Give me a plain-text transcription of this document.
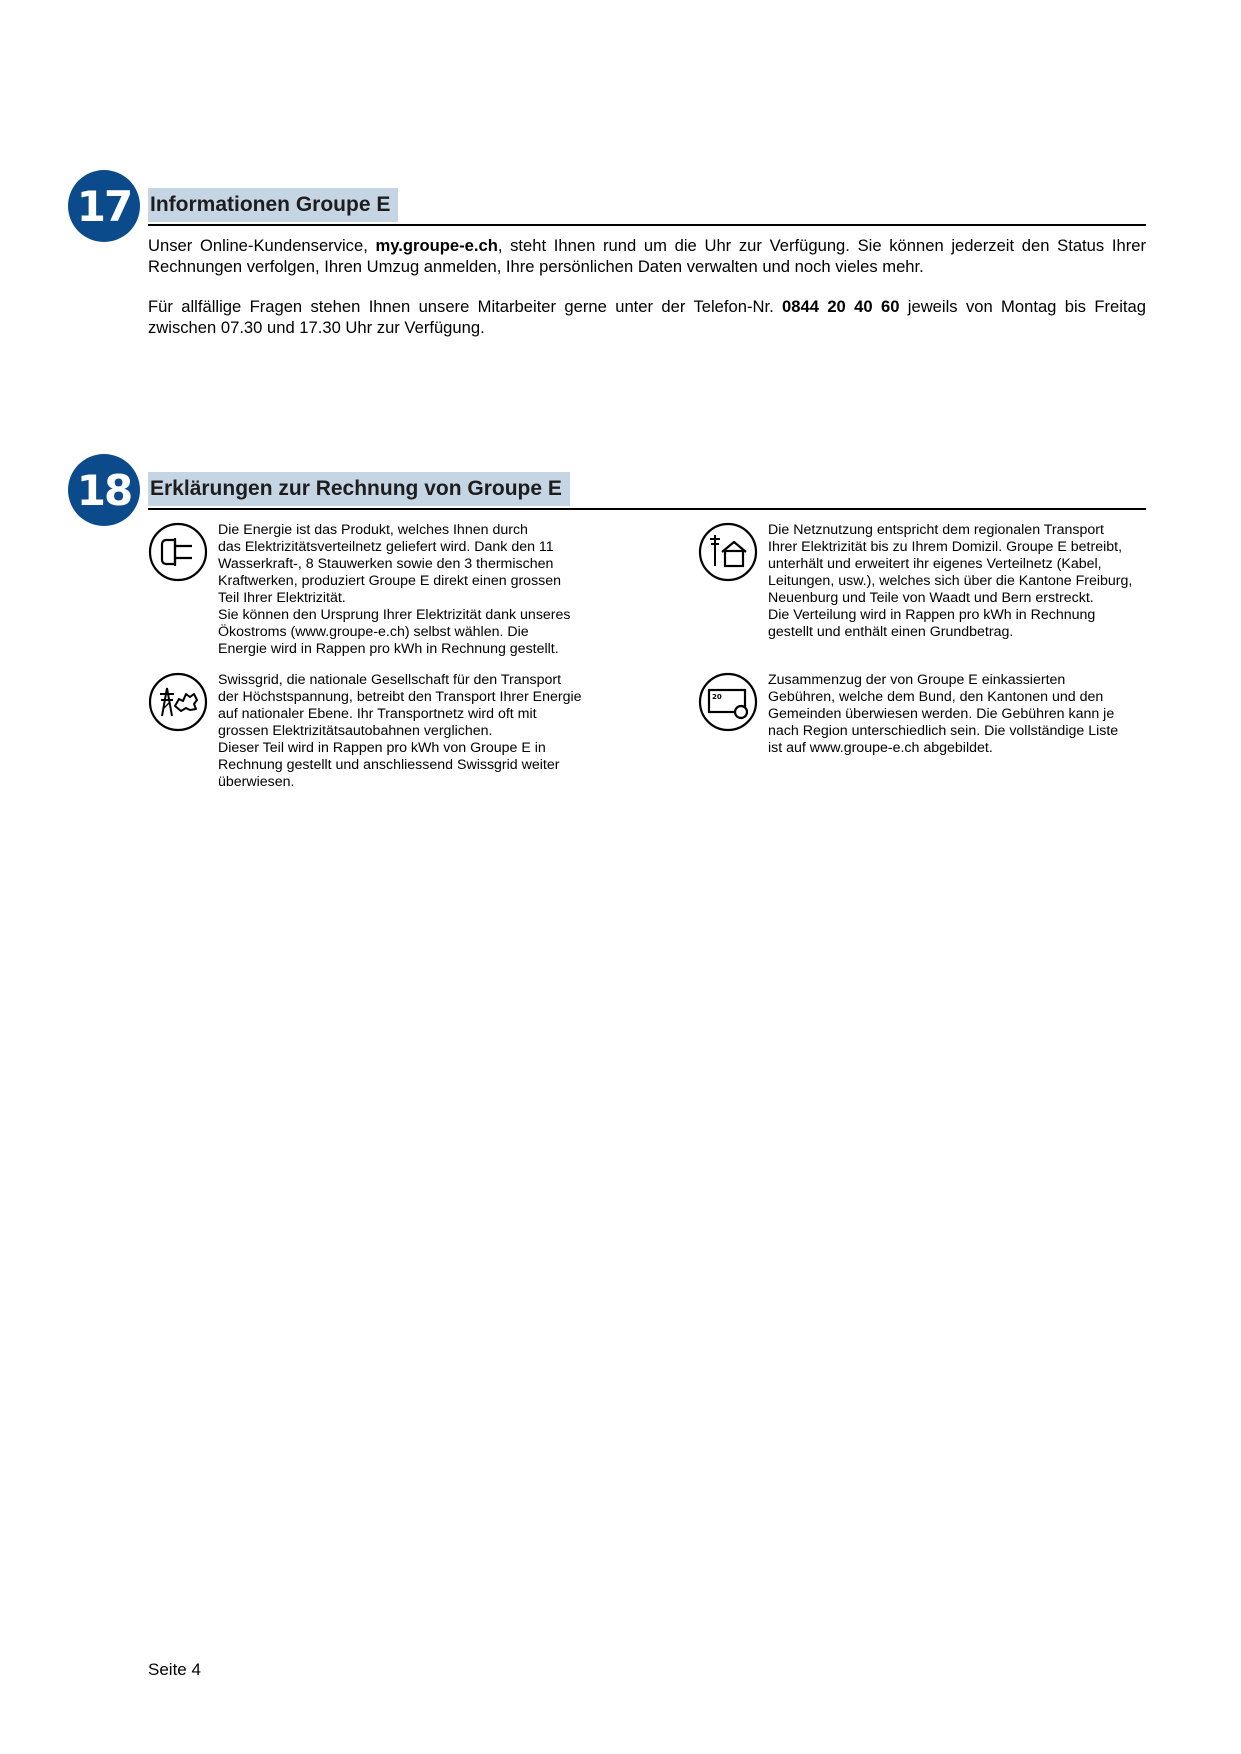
17 Informationen Groupe E
Unser Online-Kundenservice, my.groupe-e.ch, steht Ihnen rund um die Uhr zur Verfügung. Sie können jederzeit den Status Ihrer Rechnungen verfolgen, Ihren Umzug anmelden, Ihre persönlichen Daten verwalten und noch vieles mehr.
Für allfällige Fragen stehen Ihnen unsere Mitarbeiter gerne unter der Telefon-Nr. 0844 20 40 60 jeweils von Montag bis Freitag zwischen 07.30 und 17.30 Uhr zur Verfügung.
18 Erklärungen zur Rechnung von Groupe E
Die Energie ist das Produkt, welches Ihnen durch
das Elektrizitätsverteilnetz geliefert wird. Dank den 11
Wasserkraft-, 8 Stauwerken sowie den 3 thermischen
Kraftwerken, produziert Groupe E direkt einen grossen
Teil Ihrer Elektrizität.
Sie können den Ursprung Ihrer Elektrizität dank unseres
Ökostroms (www.groupe-e.ch) selbst wählen. Die
Energie wird in Rappen pro kWh in Rechnung gestellt.
Die Netznutzung entspricht dem regionalen Transport
Ihrer Elektrizität bis zu Ihrem Domizil. Groupe E betreibt,
unterhält und erweitert ihr eigenes Verteilnetz (Kabel,
Leitungen, usw.), welches sich über die Kantone Freiburg,
Neuenburg und Teile von Waadt und Bern erstreckt.
Die Verteilung wird in Rappen pro kWh in Rechnung
gestellt und enthält einen Grundbetrag.
Swissgrid, die nationale Gesellschaft für den Transport
der Höchstspannung, betreibt den Transport Ihrer Energie
auf nationaler Ebene. Ihr Transportnetz wird oft mit
grossen Elektrizitätsautobahnen verglichen.
Dieser Teil wird in Rappen pro kWh von Groupe E in
Rechnung gestellt und anschliessend Swissgrid weiter
überwiesen.
20
Zusammenzug der von Groupe E einkassierten
Gebühren, welche dem Bund, den Kantonen und den
Gemeinden überwiesen werden. Die Gebühren kann je
nach Region unterschiedlich sein. Die vollständige Liste
ist auf www.groupe-e.ch abgebildet.
Seite 4
